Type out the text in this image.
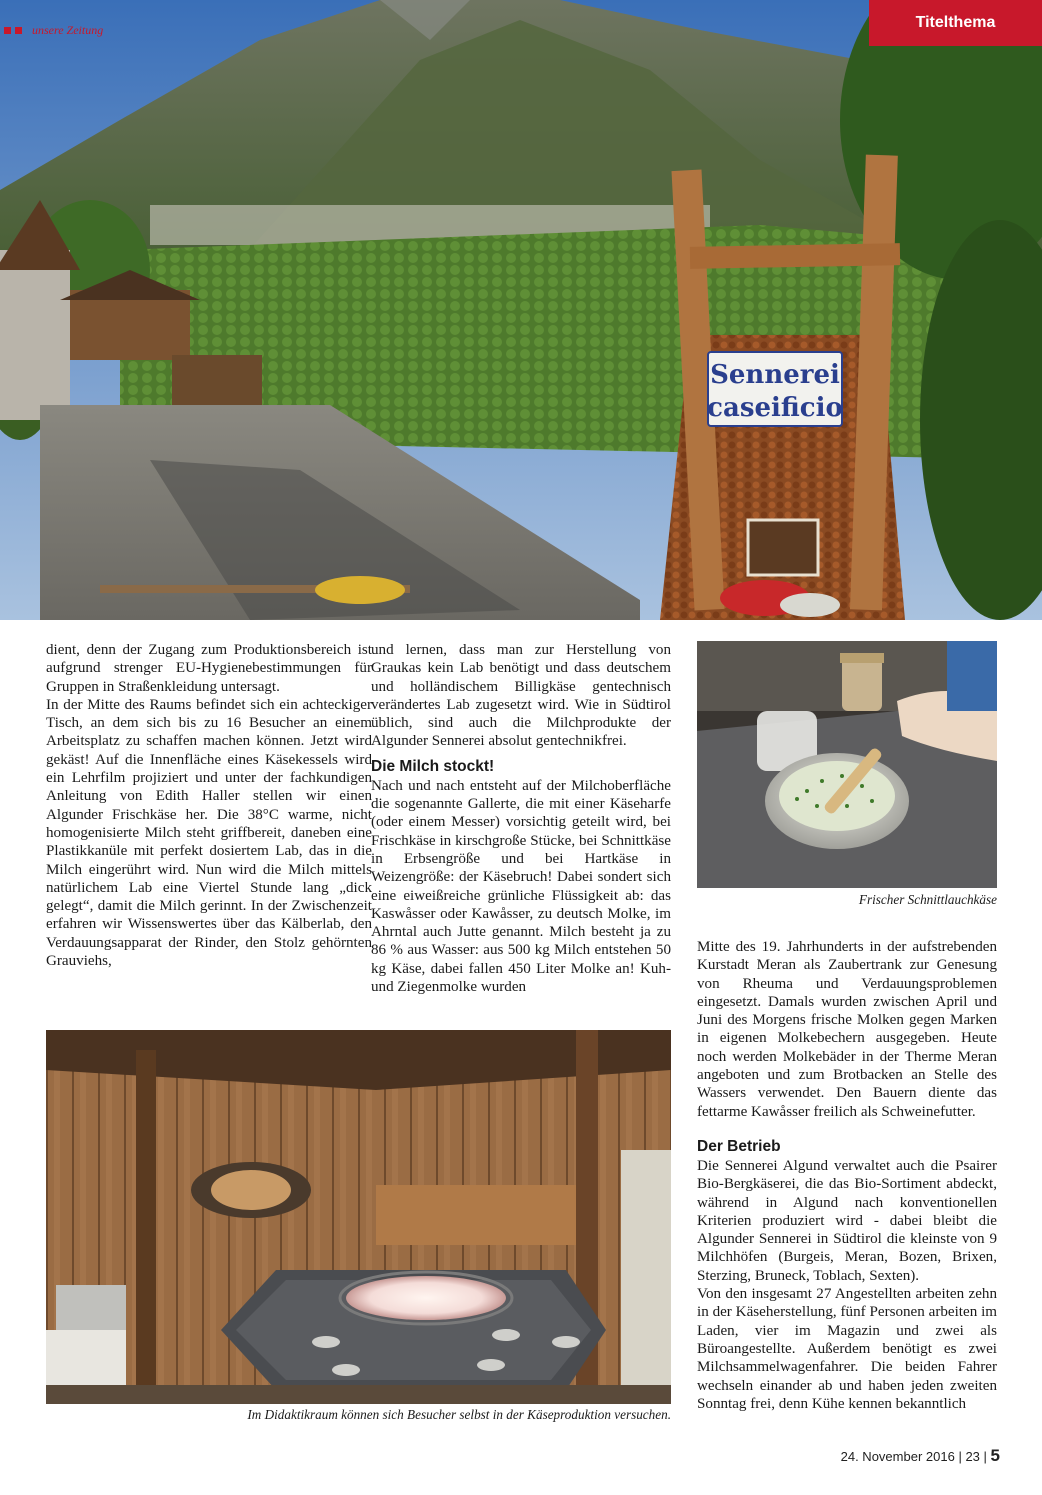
Sennerei
caseificio
unsere Zeitung	Titelthema

dient, denn der Zugang zum Produktionsbereich ist aufgrund strenger EU-Hygienebestimmungen für Gruppen in Straßenkleidung untersagt.

In der Mitte des Raums befindet sich ein achteckiger Tisch, an dem sich bis zu 16 Besucher an einem Arbeitsplatz zu schaffen machen können. Jetzt wird gekäst! Auf die Innenfläche eines Käsekessels wird ein Lehrfilm projiziert und unter der fachkundigen Anleitung von Edith Haller stellen wir einen Algunder Frischkäse her. Die 38°C warme, nicht homogenisierte Milch steht griffbereit, daneben eine Plastikkanüle mit perfekt dosiertem Lab, das in die Milch eingerührt wird. Nun wird die Milch mittels natürlichem Lab eine Viertel Stunde lang „dick gelegt“, damit die Milch gerinnt. In der Zwischenzeit erfahren wir Wissenswertes über das Kälberlab, den Verdauungsapparat der Rinder, den Stolz gehörnten Grauviehs,

und lernen, dass man zur Herstellung von Graukas kein Lab benötigt und dass deutschem und holländischem Billigkäse gentechnisch verändertes Lab zugesetzt wird. Wie in Südtirol üblich, sind auch die Milchprodukte der Algunder Sennerei absolut gentechnikfrei.

Die Milch stockt!

Nach und nach entsteht auf der Milchoberfläche die sogenannte Gallerte, die mit einer Käseharfe (oder einem Messer) vorsichtig geteilt wird, bei Frischkäse in kirschgroße Stücke, bei Schnittkäse in Erbsengröße und bei Hartkäse in Weizengröße: der Käsebruch! Dabei sondert sich eine eiweißreiche grünliche Flüssigkeit ab: das Kaswåsser oder Kawåsser, zu deutsch Molke, im Ahrntal auch Jutte genannt. Milch besteht ja zu 86 % aus Wasser: aus 500 kg Milch entstehen 50 kg Käse, dabei fallen 450 Liter Molke an! Kuh- und Ziegenmolke wurden

Frischer Schnittlauchkäse

Mitte des 19. Jahrhunderts in der aufstrebenden Kurstadt Meran als Zaubertrank zur Genesung von Rheuma und Verdauungsproblemen eingesetzt. Damals wurden zwischen April und Juni des Morgens frische Molken gegen Marken in eigenen Molkebechern ausgegeben. Heute noch werden Molkebäder in der Therme Meran angeboten und zum Brotbacken an Stelle des Wassers verwendet. Den Bauern diente das fettarme Kawåsser freilich als Schweinefutter.

Der Betrieb

Die Sennerei Algund verwaltet auch die Psairer Bio-Bergkäserei, die das Bio-Sortiment abdeckt, während in Algund nach konventionellen Kriterien produziert wird - dabei bleibt die Algunder Sennerei in Südtirol die kleinste von 9 Milchhöfen (Burgeis, Meran, Bozen, Brixen, Sterzing, Bruneck, Toblach, Sexten).

Von den insgesamt 27 Angestellten arbeiten zehn in der Käseherstellung, fünf Personen arbeiten im Laden, vier im Magazin und zwei als Büroangestellte. Außerdem benötigt es zwei Milchsammelwagenfahrer. Die beiden Fahrer wechseln einander ab und haben jeden zweiten Sonntag frei, denn Kühe kennen bekanntlich

Im Didaktikraum können sich Besucher selbst in der Käseproduktion versuchen.
24. November 2016 | 23 | 5
